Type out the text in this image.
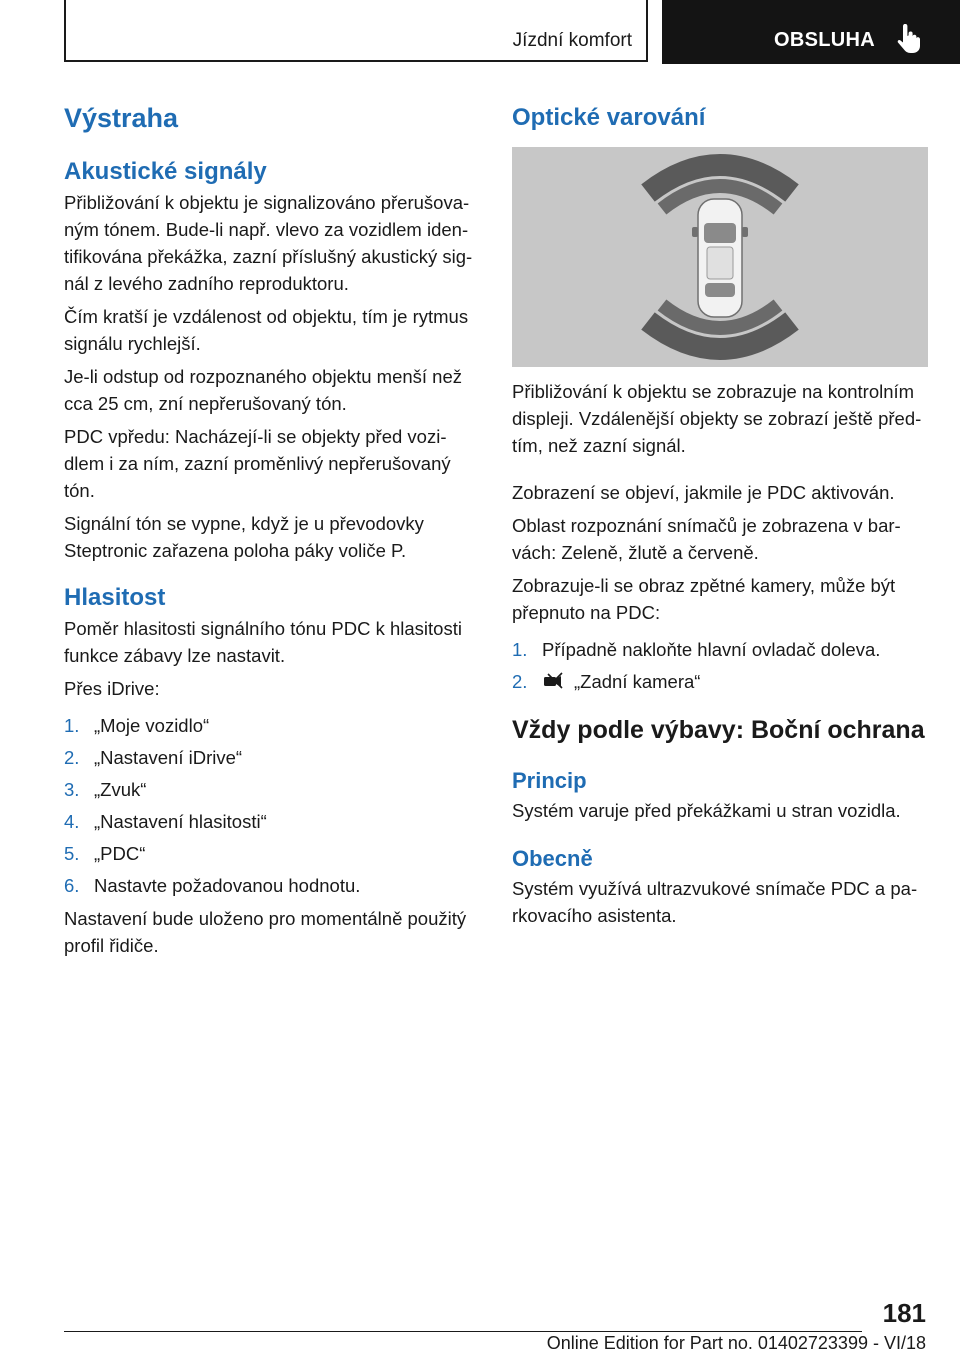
Jízdní komfort	OBSLUHA
Výstraha
Akustické signály

Přibližování k objektu je signalizováno přerušovaným tónem. Bude-li např. vlevo za vozidlem identifikována překážka, zazní příslušný akustický signál z levého zadního reproduktoru.

Čím kratší je vzdálenost od objektu, tím je rytmus signálu rychlejší.

Je-li odstup od rozpoznaného objektu menší než cca 25 cm, zní nepřerušovaný tón.

PDC vpředu: Nacházejí-li se objekty před vozidlem i za ním, zazní proměnlivý nepřerušovaný tón.

Signální tón se vypne, když je u převodovky Steptronic zařazena poloha páky voliče P.

Hlasitost

Poměr hlasitosti signálního tónu PDC k hlasitosti funkce zábavy lze nastavit.

Přes iDrive:

1. „Moje vozidlo“
2. „Nastavení iDrive“
3. „Zvuk“
4. „Nastavení hlasitosti“
5. „PDC“
6. Nastavte požadovanou hodnotu.

Nastavení bude uloženo pro momentálně použitý profil řidiče.

Optické varování

Přibližování k objektu se zobrazuje na kontrolním displeji. Vzdálenější objekty se zobrazí ještě předtím, než zazní signál.

Zobrazení se objeví, jakmile je PDC aktivován.

Oblast rozpoznání snímačů je zobrazena v barvách: Zeleně, žlutě a červeně.

Zobrazuje-li se obraz zpětné kamery, může být přepnuto na PDC:

1. Případně nakloňte hlavní ovladač doleva.
2.	„Zadní kamera“
Vždy podle výbavy: Boční ochrana
Princip

Systém varuje před překážkami u stran vozidla.

Obecně

Systém využívá ultrazvukové snímače PDC a parkovacího asistenta.

181
Online Edition for Part no. 01402723399 - VI/18
